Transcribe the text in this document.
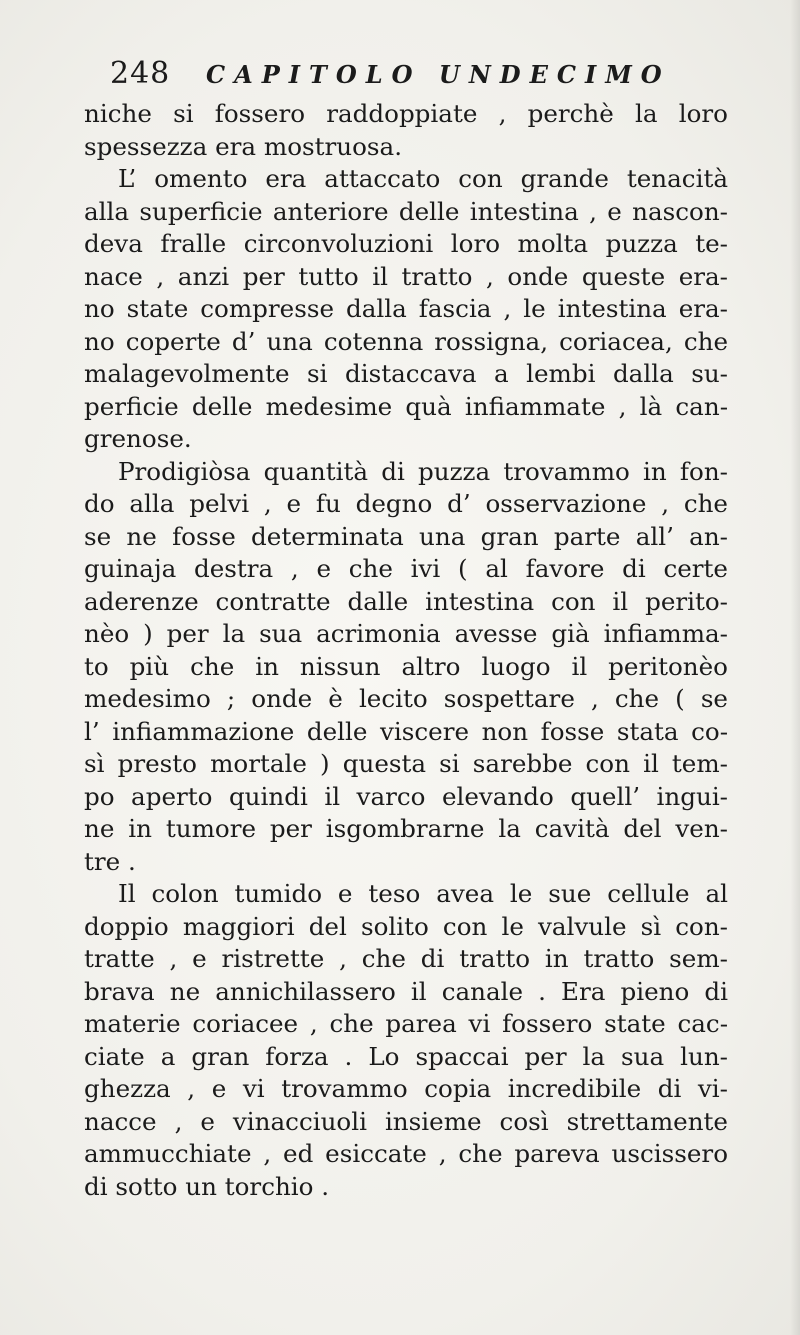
248 CAPITOLO UNDECIMO
niche si fossero raddoppiate , perchè la loro
spessezza era mostruosa.
L’ omento era attaccato con grande tenacità
alla superficie anteriore delle intestina , e nascon-
deva fralle circonvoluzioni loro molta puzza te-
nace , anzi per tutto il tratto , onde queste era-
no state compresse dalla fascia , le intestina era-
no coperte d’ una cotenna rossigna, coriacea, che
malagevolmente si distaccava a lembi dalla su-
perficie delle medesime quà infiammate , là can-
grenose.
Prodigiòsa quantità di puzza trovammo in fon-
do alla pelvi , e fu degno d’ osservazione , che
se ne fosse determinata una gran parte all’ an-
guinaja destra , e che ivi ( al favore di certe
aderenze contratte dalle intestina con il perito-
nèo ) per la sua acrimonia avesse già infiamma-
to più che in nissun altro luogo il peritonèo
medesimo ; onde è lecito sospettare , che ( se
l’ infiammazione delle viscere non fosse stata co-
sì presto mortale ) questa si sarebbe con il tem-
po aperto quindi il varco elevando quell’ ingui-
ne in tumore per isgombrarne la cavità del ven-
tre .
Il colon tumido e teso avea le sue cellule al
doppio maggiori del solito con le valvule sì con-
tratte , e ristrette , che di tratto in tratto sem-
brava ne annichilassero il canale . Era pieno di
materie coriacee , che parea vi fossero state cac-
ciate a gran forza . Lo spaccai per la sua lun-
ghezza , e vi trovammo copia incredibile di vi-
nacce , e vinacciuoli insieme così strettamente
ammucchiate , ed esiccate , che pareva uscissero
di sotto un torchio .
